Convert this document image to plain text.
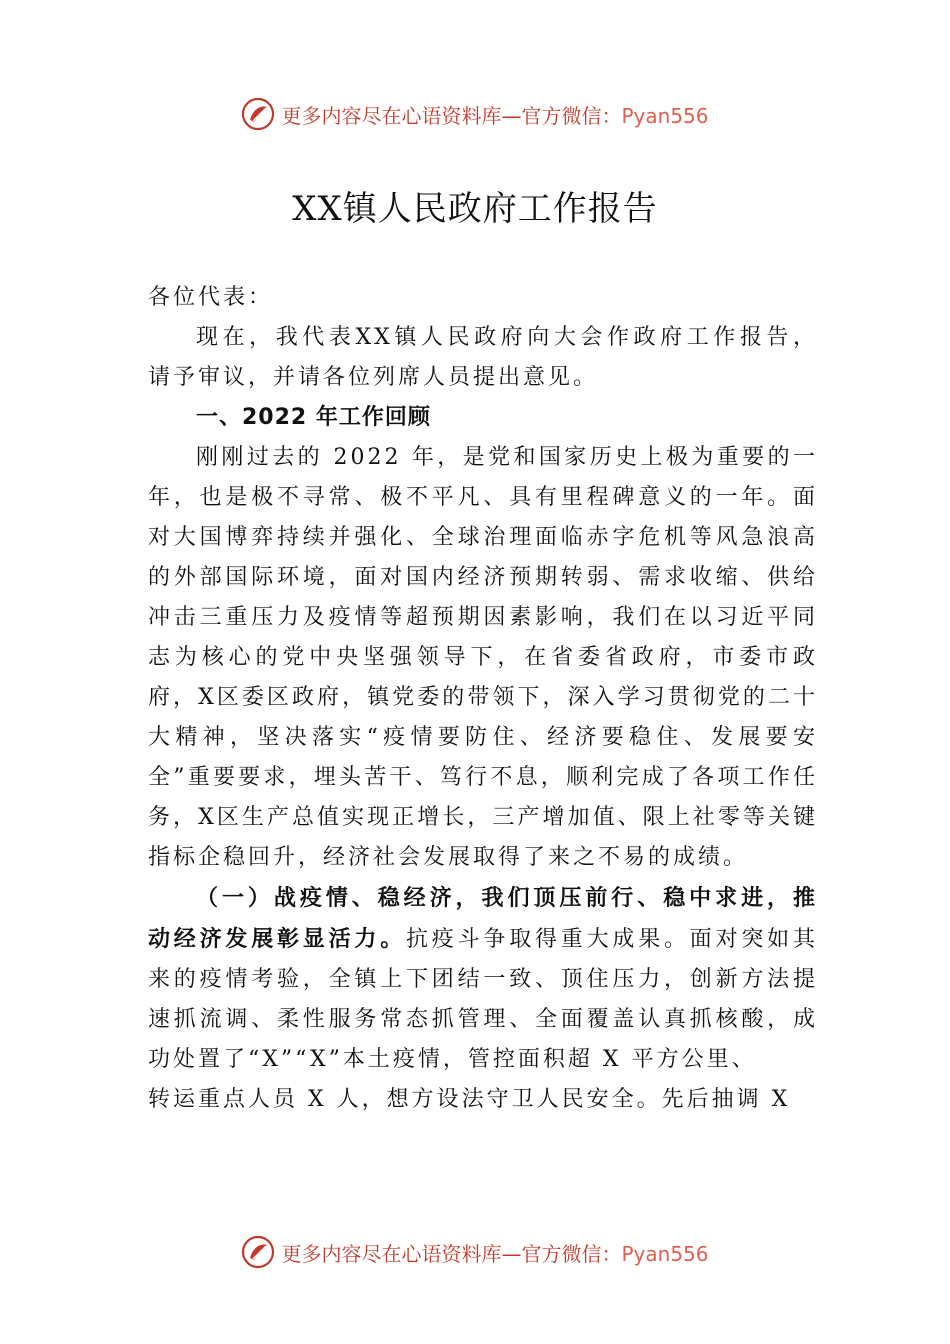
更多内容尽在心语资料库—官方微信：Pyan556
XX镇人民政府工作报告

各位代表：

现在，我代表XX镇人民政府向大会作政府工作报告， 请予审议，并请各位列席人员提出意见。

一、2022 年工作回顾

刚刚过去的 2022 年，是党和国家历史上极为重要的一年，也是极不寻常、极不平凡、具有里程碑意义的一年。面对大国博弈持续并强化、全球治理面临赤字危机等风急浪高的外部国际环境，面对国内经济预期转弱、需求收缩、供给冲击三重压力及疫情等超预期因素影响，我们在以习近平同志为核心的党中央坚强领导下，在省委省政府，市委市政府，X区委区政府，镇党委的带领下，深入学习贯彻党的二十大精神，坚决落实“疫情要防住、经济要稳住、发展要安全”重要要求，埋头苦干、笃行不息，顺利完成了各项工作任务，X区生产总值实现正增长，三产增加值、限上社零等关键指标企稳回升，经济社会发展取得了来之不易的成绩。

（一）战疫情、稳经济，我们顶压前行、稳中求进，推动经济发展彰显活力。抗疫斗争取得重大成果。面对突如其来的疫情考验，全镇上下团结一致、顶住压力，创新方法提速抓流调、柔性服务常态抓管理、全面覆盖认真抓核酸，成功处置了“X”“X”本土疫情，管控面积超 X 平方公里、

转运重点人员 X 人，想方设法守卫人民安全。先后抽调 X

更多内容尽在心语资料库—官方微信：Pyan556
